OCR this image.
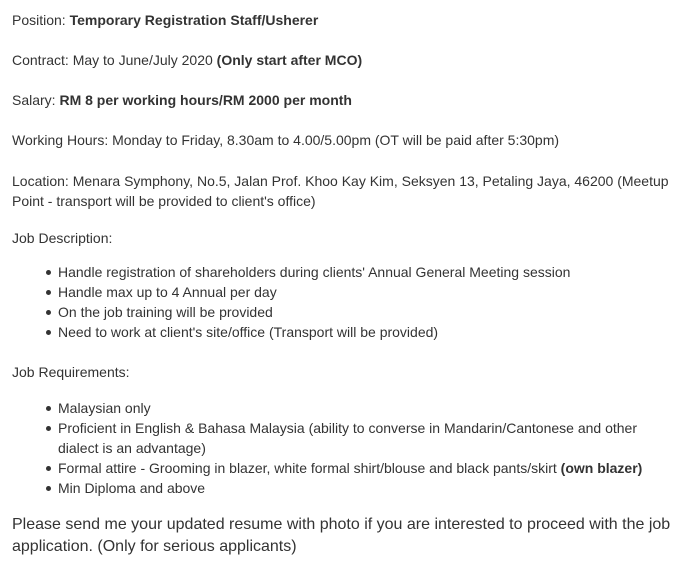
Position: Temporary Registration Staff/Usherer

Contract: May to June/July 2020 (Only start after MCO)

Salary: RM 8 per working hours/RM 2000 per month

Working Hours: Monday to Friday, 8.30am to 4.00/5.00pm (OT will be paid after 5:30pm)

Location: Menara Symphony, No.5, Jalan Prof. Khoo Kay Kim, Seksyen 13, Petaling Jaya, 46200 (Meetup Point - transport will be provided to client's office)

Job Description:

Handle registration of shareholders during clients' Annual General Meeting session
Handle max up to 4 Annual per day
On the job training will be provided
Need to work at client's site/office (Transport will be provided)

Job Requirements:

Malaysian only
Proficient in English & Bahasa Malaysia (ability to converse in Mandarin/Cantonese and other dialect is an advantage)
Formal attire - Grooming in blazer, white formal shirt/blouse and black pants/skirt (own blazer)
Min Diploma and above

Please send me your updated resume with photo if you are interested to proceed with the job application. (Only for serious applicants)
